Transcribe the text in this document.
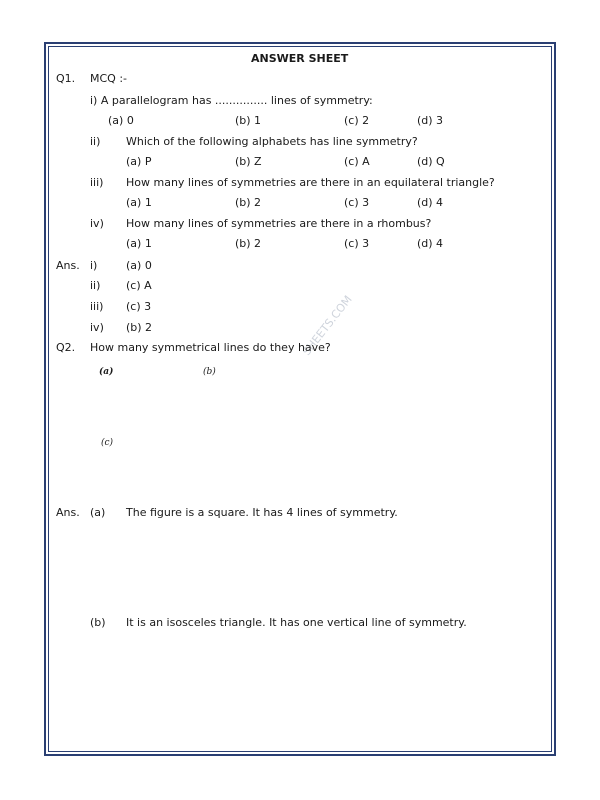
SHEETS.COM
ANSWER SHEET
Q1. MCQ :-
i) A parallelogram has ............... lines of symmetry:
(a) 0	(b) 1	(c) 2	(d) 3
ii) Which of the following alphabets has line symmetry?
(a) P	(b) Z	(c) A	(d) Q
iii) How many lines of symmetries are there in an equilateral triangle?
(a) 1	(b) 2	(c) 3	(d) 4
iv) How many lines of symmetries are there in a rhombus?
(a) 1	(b) 2	(c) 3	(d) 4
Ans. i)	(a) 0
ii) (c) A
iii) (c) 3
iv) (b) 2
Q2. How many symmetrical lines do they have?
(a)	(b)
(c)
Ans. (a) The figure is a square. It has 4 lines of symmetry.
(b) It is an isosceles triangle. It has one vertical line of symmetry.
